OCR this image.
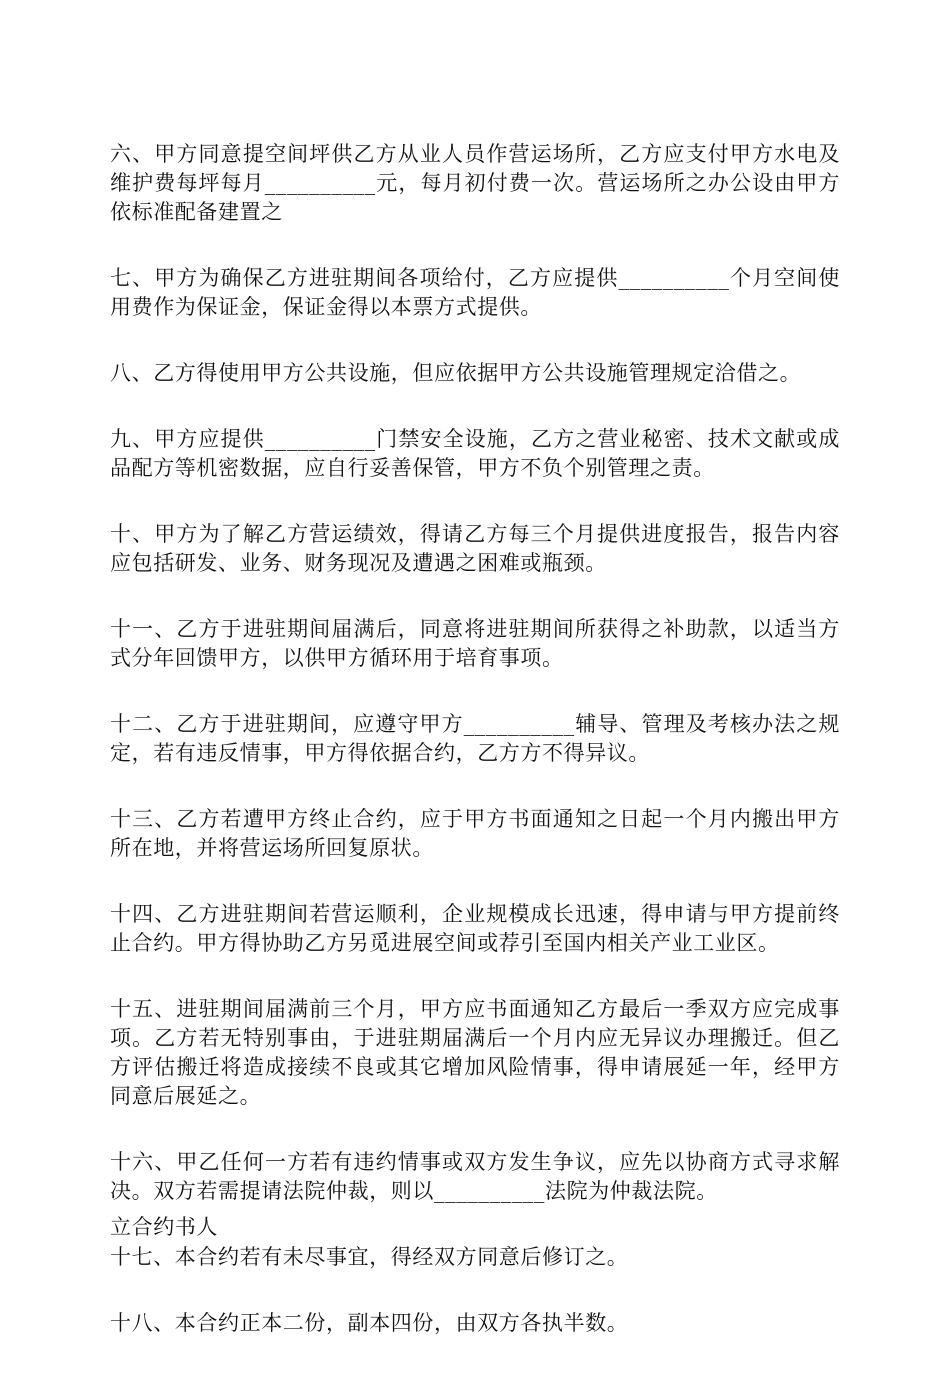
六、甲方同意提空间坪供乙方从业人员作营运场所，乙方应支付甲方水电及维护费每坪每月__________元，每月初付费一次。营运场所之办公设由甲方依标准配备建置之

七、甲方为确保乙方进驻期间各项给付，乙方应提供__________个月空间使用费作为保证金，保证金得以本票方式提供。

八、乙方得使用甲方公共设施，但应依据甲方公共设施管理规定洽借之。

九、甲方应提供__________门禁安全设施，乙方之营业秘密、技术文献或成品配方等机密数据，应自行妥善保管，甲方不负个别管理之责。

十、甲方为了解乙方营运绩效，得请乙方每三个月提供进度报告，报告内容应包括研发、业务、财务现况及遭遇之困难或瓶颈。

十一、乙方于进驻期间届满后，同意将进驻期间所获得之补助款，以适当方式分年回馈甲方，以供甲方循环用于培育事项。

十二、乙方于进驻期间，应遵守甲方__________辅导、管理及考核办法之规定，若有违反情事，甲方得依据合约，乙方方不得异议。

十三、乙方若遭甲方终止合约，应于甲方书面通知之日起一个月内搬出甲方所在地，并将营运场所回复原状。

十四、乙方进驻期间若营运顺利，企业规模成长迅速，得申请与甲方提前终止合约。甲方得协助乙方另觅进展空间或荐引至国内相关产业工业区。

十五、进驻期间届满前三个月，甲方应书面通知乙方最后一季双方应完成事项。乙方若无特别事由，于进驻期届满后一个月内应无异议办理搬迁。但乙方评估搬迁将造成接续不良或其它增加风险情事，得申请展延一年，经甲方同意后展延之。

十六、甲乙任何一方若有违约情事或双方发生争议，应先以协商方式寻求解决。双方若需提请法院仲裁，则以__________法院为仲裁法院。

十七、本合约若有未尽事宜，得经双方同意后修订之。

十八、本合约正本二份，副本四份，由双方各执半数。

立合约书人
